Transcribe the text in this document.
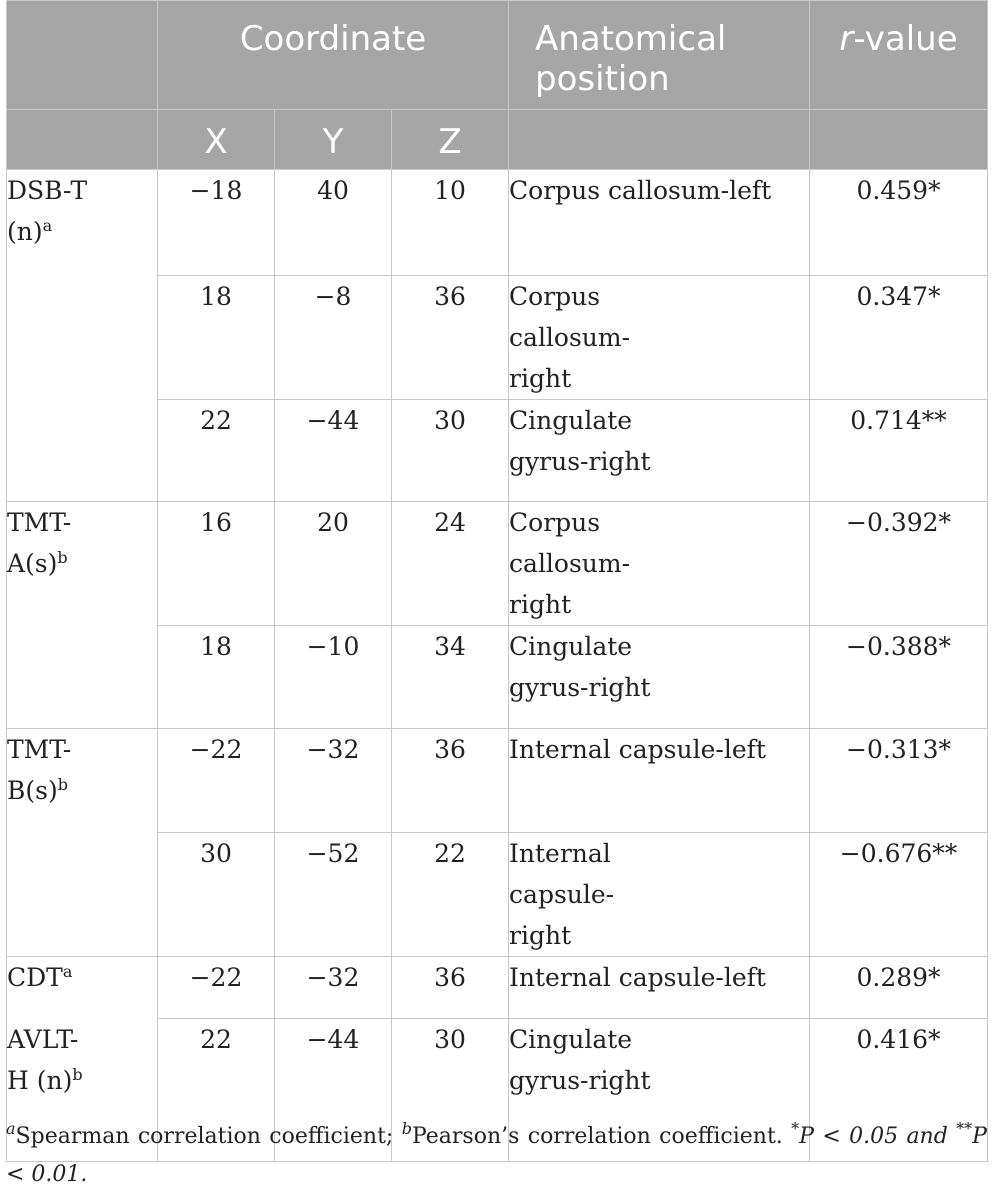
	Coordinate			Anatomical position	r-value

	X	Y	Z		

DSB-T $(n)^a$	−18	40	10	Corpus callosum-left	0.459*
	18	−8	36	Corpus callosum-right	0.347*
	22	−44	30	Cingulate gyrus-right	0.714**

TMT-$A(s)^b$	16	20	24	Corpus callosum-right	−0.392*
	18	−10	34	Cingulate gyrus-right	−0.388*

TMT-$B(s)^b$	−22	−32	36	Internal capsule-left	−0.313*
	30	−52	22	Internal capsule-right	−0.676**
$CDT^a$	−22	−32	36	Internal capsule-left	0.289*

AVLT-H $(n)^b$	22	−44	30	Cingulate gyrus-right	0.416*
$^a$Spearman correlation coefficient; $^b$Pearson’s correlation coefficient. *P < 0.05 and **P < 0.01.
